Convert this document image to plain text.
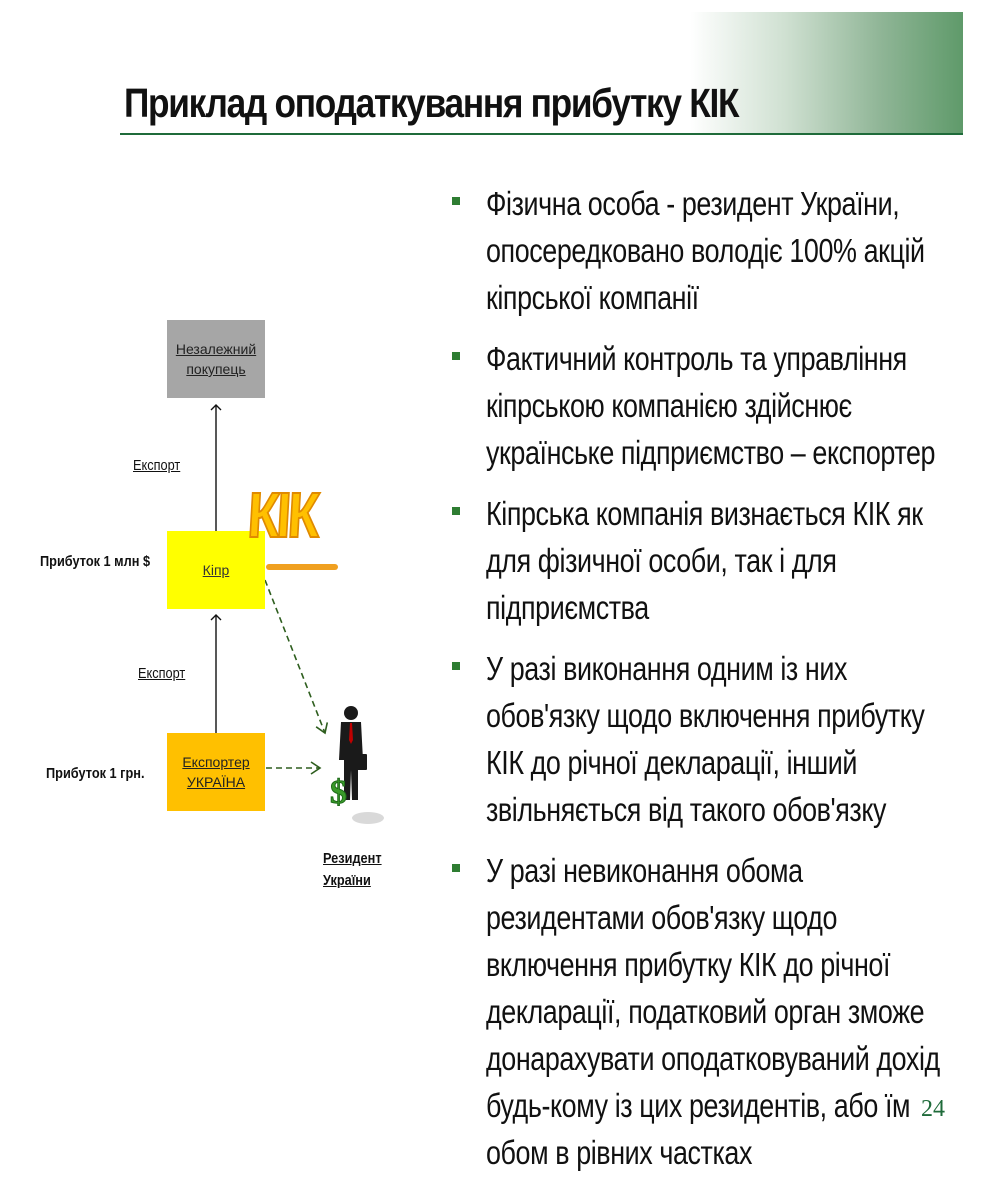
Приклад оподаткування прибутку КІК
$
Незалежний
покупець
Кіпр
Експортер
УКРАЇНА
Експорт
Експорт
Прибуток 1 млн $
Прибуток 1 грн.
КІК
Резидент
України
Фізична особа - резидент України, опосередковано володіє 100% акцій кіпрської компанії
Фактичний контроль та управління кіпрською компанією здійснює українське підприємство – експортер
Кіпрська компанія визнається КІК як для фізичної особи, так і для підприємства
У разі виконання одним із них обов'язку щодо включення прибутку КІК до річної декларації, інший звільняється від такого обов'язку
У разі невиконання обома резидентами обов'язку щодо включення прибутку КІК до річної декларації, податковий орган зможе донарахувати оподатковуваний дохід будь-кому із цих резидентів, або їм обом в рівних частках
24
